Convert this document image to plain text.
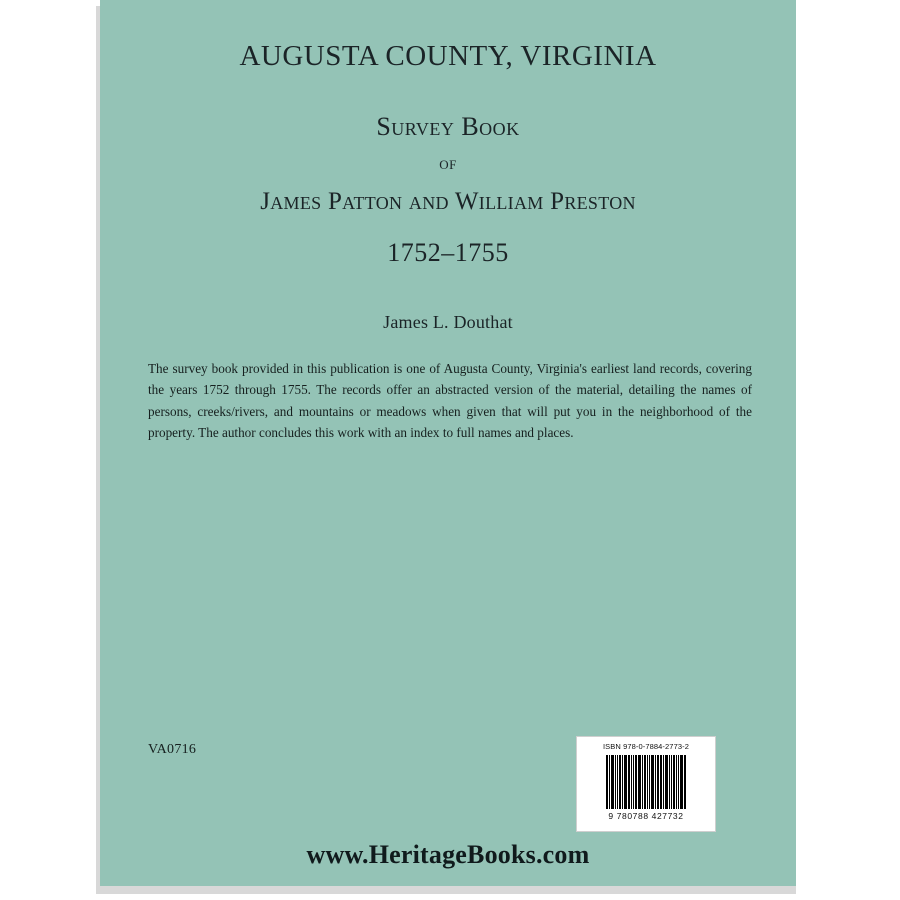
AUGUSTA COUNTY, VIRGINIA
Survey Book
of
James Patton and William Preston
1752–1755
James L. Douthat
The survey book provided in this publication is one of Augusta County, Virginia's earliest land records, covering the years 1752 through 1755. The records offer an abstracted version of the material, detailing the names of persons, creeks/rivers, and mountains or meadows when given that will put you in the neighborhood of the property. The author concludes this work with an index to full names and places.
VA0716	ISBN 978-0-7884-2773-2
9 780788 427732
www.HeritageBooks.com
